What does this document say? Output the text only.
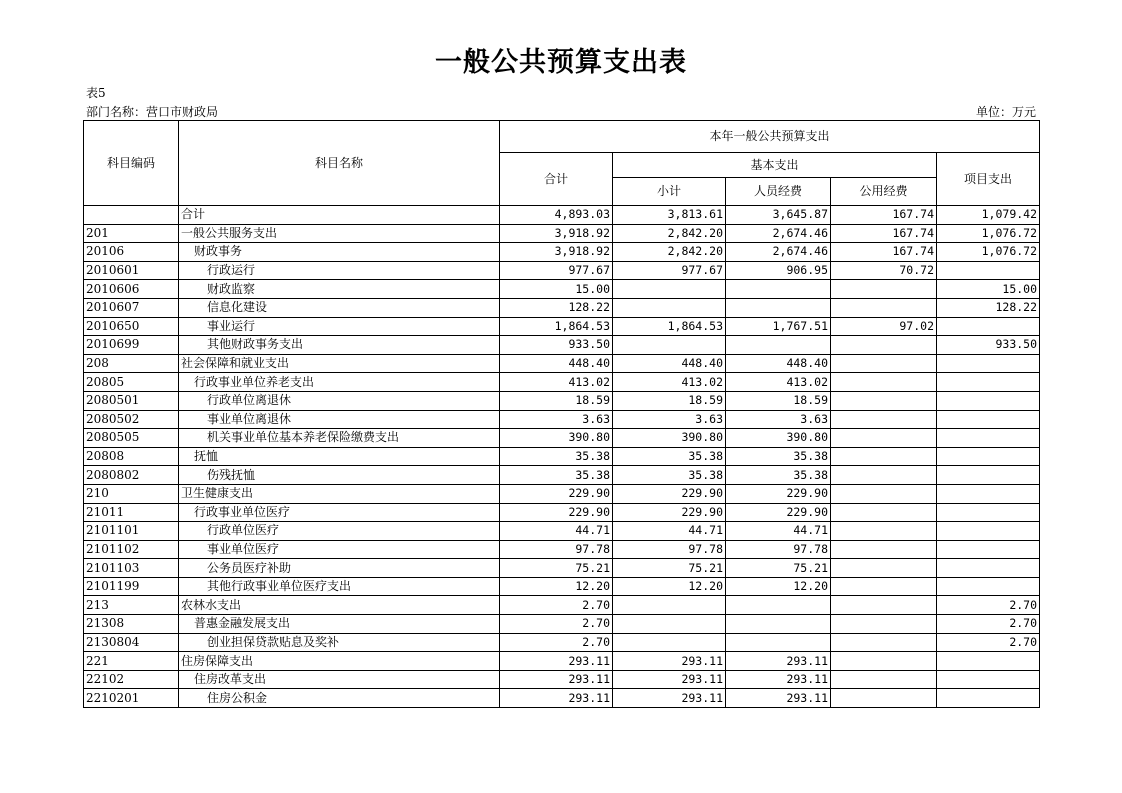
一般公共预算支出表
表5
部门名称：营口市财政局	单位：万元
科目编码	科目名称	本年一般公共预算支出				
		合计	基本支出			项目支出
			小计	人员经费	公用经费	
	合计	4,893.03	3,813.61	3,645.87	167.74	1,079.42
201	一般公共服务支出	3,918.92	2,842.20	2,674.46	167.74	1,076.72
20106	财政事务	3,918.92	2,842.20	2,674.46	167.74	1,076.72
2010601	行政运行	977.67	977.67	906.95	70.72	
2010606	财政监察	15.00				15.00
2010607	信息化建设	128.22				128.22
2010650	事业运行	1,864.53	1,864.53	1,767.51	97.02	
2010699	其他财政事务支出	933.50				933.50
208	社会保障和就业支出	448.40	448.40	448.40		
20805	行政事业单位养老支出	413.02	413.02	413.02		
2080501	行政单位离退休	18.59	18.59	18.59		
2080502	事业单位离退休	3.63	3.63	3.63		
2080505	机关事业单位基本养老保险缴费支出	390.80	390.80	390.80		
20808	抚恤	35.38	35.38	35.38		
2080802	伤残抚恤	35.38	35.38	35.38		
210	卫生健康支出	229.90	229.90	229.90		
21011	行政事业单位医疗	229.90	229.90	229.90		
2101101	行政单位医疗	44.71	44.71	44.71		
2101102	事业单位医疗	97.78	97.78	97.78		
2101103	公务员医疗补助	75.21	75.21	75.21		
2101199	其他行政事业单位医疗支出	12.20	12.20	12.20		
213	农林水支出	2.70				2.70
21308	普惠金融发展支出	2.70				2.70
2130804	创业担保贷款贴息及奖补	2.70				2.70
221	住房保障支出	293.11	293.11	293.11		
22102	住房改革支出	293.11	293.11	293.11		
2210201	住房公积金	293.11	293.11	293.11		
